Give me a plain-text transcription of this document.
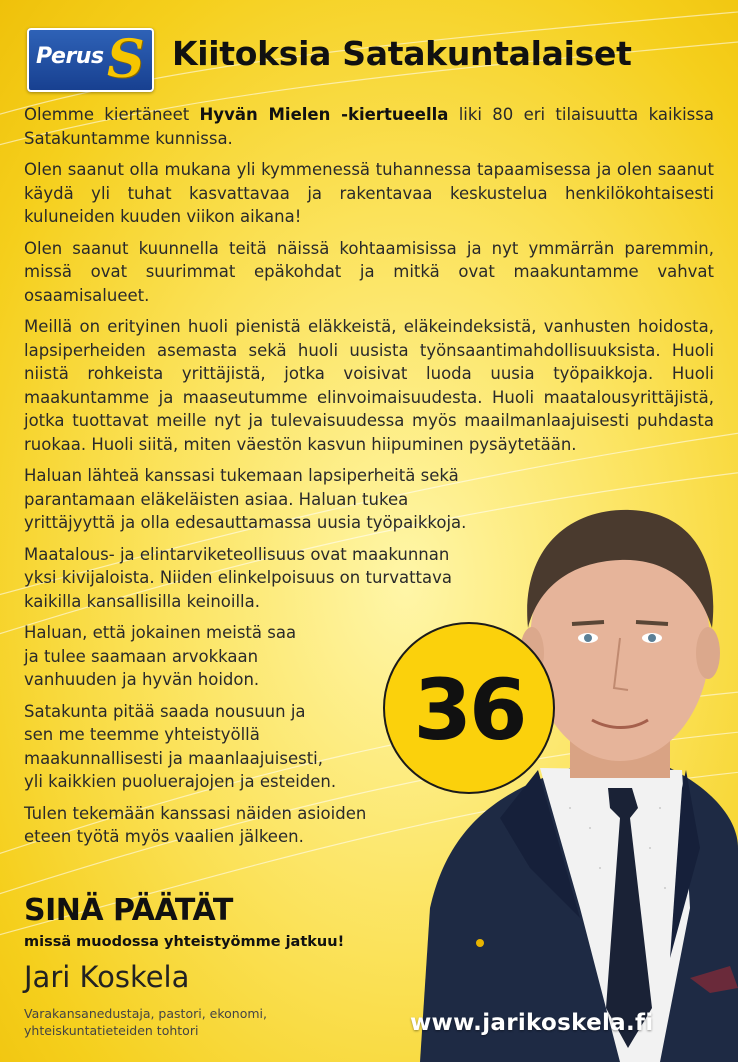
Perus S Kiitoksia Satakuntalaiset

Olemme kiertäneet Hyvän Mielen -kiertueella liki 80 eri tilaisuutta kaikissa Satakuntamme kunnissa.

Olen saanut olla mukana yli kymmenessä tuhannessa tapaamisessa ja olen saanut käydä yli tuhat kasvattavaa ja rakentavaa keskustelua henkilökohtaisesti kuluneiden kuuden viikon aikana!

Olen saanut kuunnella teitä näissä kohtaamisissa ja nyt ymmärrän paremmin, missä ovat suurimmat epäkohdat ja mitkä ovat maakuntamme vahvat osaamisalueet.

Meillä on erityinen huoli pienistä eläkkeistä, eläkeindeksistä, vanhusten hoidosta, lapsiperheiden asemasta sekä huoli uusista työnsaantimahdollisuuksista. Huoli niistä rohkeista yrittäjistä, jotka voisivat luoda uusia työpaikkoja. Huoli maakuntamme ja maaseutumme elinvoimaisuudesta. Huoli maatalousyrittäjistä, jotka tuottavat meille nyt ja tulevaisuudessa myös maailmanlaajuisesti puhdasta ruokaa. Huoli siitä, miten väestön kasvun hiipuminen pysäytetään.

Haluan lähteä kanssasi tukemaan lapsiperheitä sekä
parantamaan eläkeläisten asiaa. Haluan tukea
yrittäjyyttä ja olla edesauttamassa uusia työpaikkoja.

Maatalous- ja elintarviketeollisuus ovat maakunnan
yksi kivijaloista. Niiden elinkelpoisuus on turvattava
kaikilla kansallisilla keinoilla.

Haluan, että jokainen meistä saa
ja tulee saamaan arvokkaan
vanhuuden ja hyvän hoidon.

Satakunta pitää saada nousuun ja
sen me teemme yhteistyöllä
maakunnallisesti ja maanlaajuisesti,
yli kaikkien puoluerajojen ja esteiden.

Tulen tekemään kanssasi näiden asioiden
eteen työtä myös vaalien jälkeen.

36
SINÄ PÄÄTÄT
missä muodossa yhteistyömme jatkuu!
Jari Koskela
Varakansanedustaja, pastori, ekonomi,
yhteiskuntatieteiden tohtori	www.jarikoskela.fi
